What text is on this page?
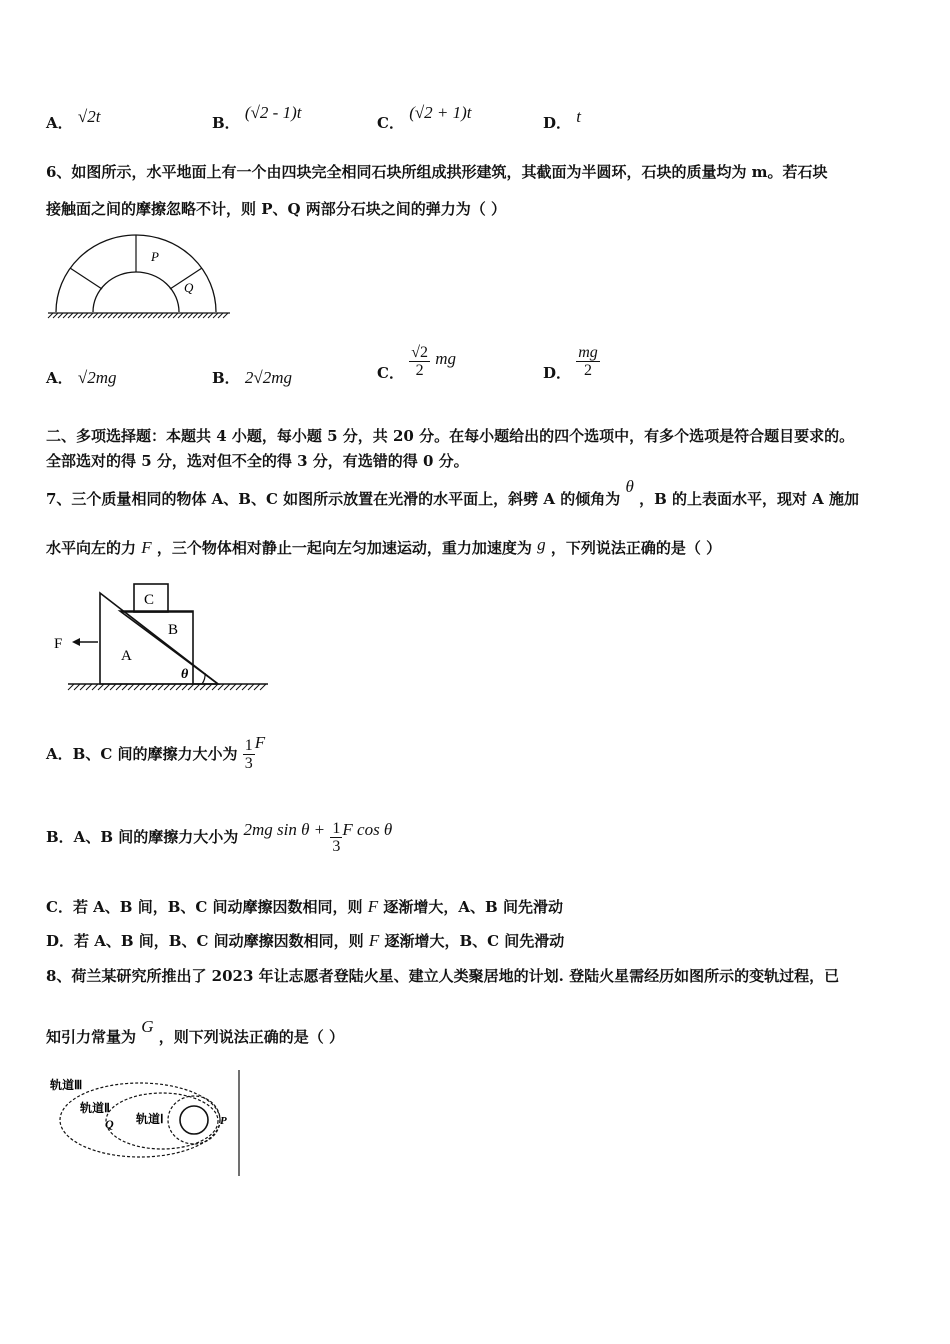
A． √2t	B． (√2 - 1)t
C． (√2 + 1)t
D． t
6、如图所示，水平地面上有一个由四块完全相同石块所组成拱形建筑，其截面为半圆环，石块的质量均为 m。若石块
接触面之间的摩擦忽略不计，则 P、Q 两部分石块之间的弹力为（ ）
P
Q
A． √2mg	B． 2√2mg	C． $\frac{√2}{2}$ mg
D． $\frac{mg}{2}$
二、多项选择题：本题共 4 小题，每小题 5 分，共 20 分。在每小题给出的四个选项中，有多个选项是符合题目要求的。
全部选对的得 5 分，选对但不全的得 3 分，有选错的得 0 分。
7、三个质量相同的物体 A、B、C 如图所示放置在光滑的水平面上，斜劈 A 的倾角为 θ ，B 的上表面水平，现对 A 施加
水平向左的力 F ，三个物体相对静止一起向左匀加速运动，重力加速度为 g ，下列说法正确的是（ ）
C
B
A
F
θ
A．B、C 间的摩擦力大小为 $\frac{1}{3}$ F
B．A、B 间的摩擦力大小为 2mg $\sin \theta + \frac{1}{3}$ F cos θ
C．若 A、B 间，B、C 间动摩擦因数相同，则 F 逐渐增大，A、B 间先滑动
D．若 A、B 间，B、C 间动摩擦因数相同，则 F 逐渐增大，B、C 间先滑动
8、荷兰某研究所推出了 2023 年让志愿者登陆火星、建立人类聚居地的计划. 登陆火星需经历如图所示的变轨过程，已
知引力常量为 G ，则下列说法正确的是（ ）
轨道Ⅲ
轨道Ⅱ
轨道Ⅰ
Q	P
